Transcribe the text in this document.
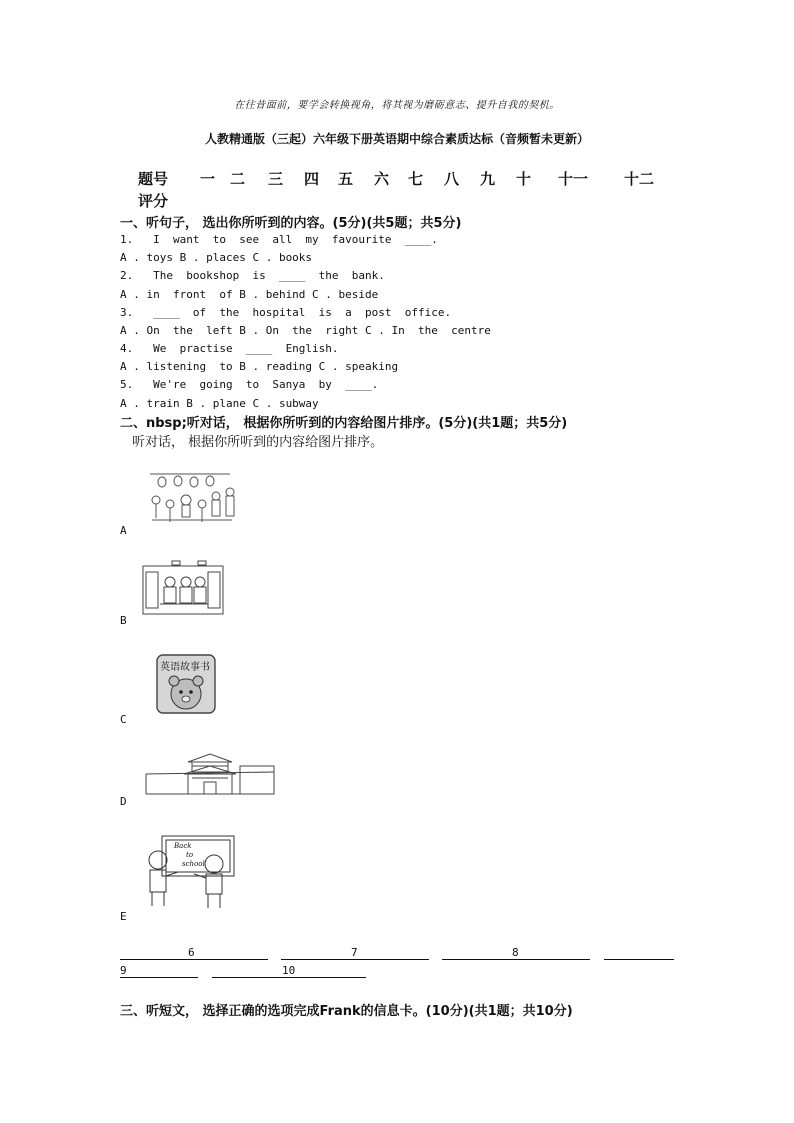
在往昔面前，要学会转换视角，将其视为磨砺意志、提升自我的契机。
人教精通版（三起）六年级下册英语期中综合素质达标（音频暂未更新）
题号 一 二 三 四 五 六 七 八 九 十 十一 十二
评分
一、听句子， 选出你所听到的内容。(5分)(共5题；共5分)
1.   I  want  to  see  all  my  favourite  ____.
A . toys B . places C . books
2.   The  bookshop  is  ____  the  bank.
A . in  front  of B . behind C . beside
3.   ____  of  the  hospital  is  a  post  office.
A . On  the  left B . On  the  right C . In  the  centre
4.   We  practise  ____  English.
A . listening  to B . reading C . speaking
5.   We're  going  to  Sanya  by  ____.
A . train B . plane C . subway
二、nbsp;听对话， 根据你所听到的内容给图片排序。(5分)(共1题；共5分)
听对话， 根据你所听到的内容给图片排序。
A
B
英语故事书
C
D
Back
to
school
E
6	7	8
9	10
三、听短文， 选择正确的选项完成Frank的信息卡。(10分)(共1题；共10分)
